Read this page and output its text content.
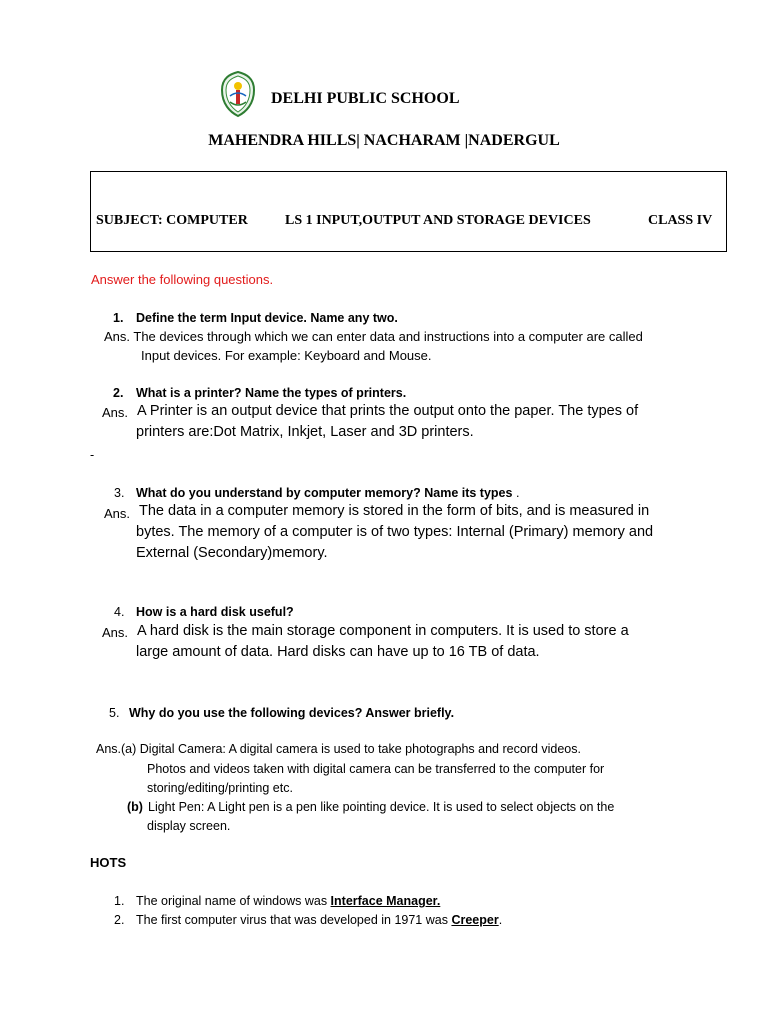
DELHI PUBLIC SCHOOL
MAHENDRA HILLS| NACHARAM |NADERGUL
SUBJECT: COMPUTER	LS 1 INPUT,OUTPUT AND STORAGE DEVICES	CLASS IV
Answer the following questions.
1. Define the term Input device. Name any two.
Ans. The devices through which we can enter data and instructions into a computer are called
Input devices. For example: Keyboard and Mouse.
2. What is a printer? Name the types of printers.
Ans. A Printer is an output device that prints the output onto the paper. The types of
printers are:Dot Matrix, Inkjet, Laser and 3D printers.
-
3. What do you understand by computer memory? Name its types .
Ans. The data in a computer memory is stored in the form of bits, and is measured in
bytes. The memory of a computer is of two types: Internal (Primary) memory and
External (Secondary)memory.
4. How is a hard disk useful?
Ans. A hard disk is the main storage component in computers. It is used to store a
large amount of data. Hard disks can have up to 16 TB of data.
5. Why do you use the following devices? Answer briefly.
Ans.(a) Digital Camera: A digital camera is used to take photographs and record videos.
Photos and videos taken with digital camera can be transferred to the computer for
storing/editing/printing etc.
(b) Light Pen: A Light pen is a pen like pointing device. It is used to select objects on the
display screen.
HOTS
1. The original name of windows was Interface Manager.
2. The first computer virus that was developed in 1971 was Creeper.
